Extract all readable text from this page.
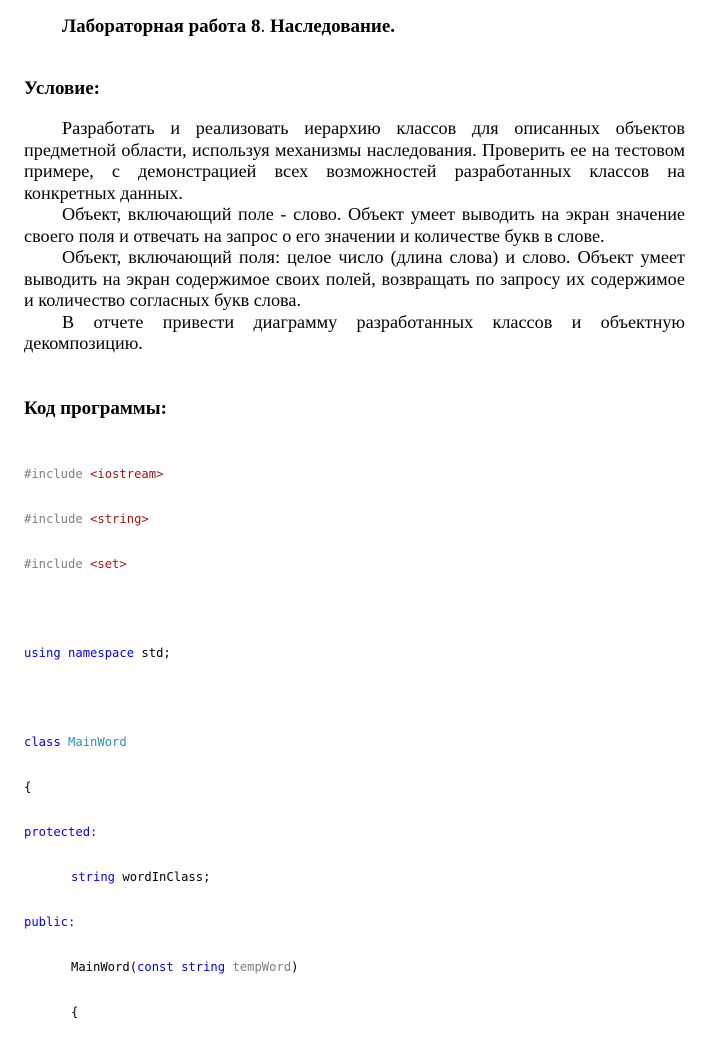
Лабораторная работа 8. Наследование.
Условие:

Разработать и реализовать иерархию классов для описанных объектов предметной области, используя механизмы наследования. Проверить ее на тестовом примере, с демонстрацией всех возможностей разработанных классов на конкретных данных.

Объект, включающий поле - слово. Объект умеет выводить на экран значение своего поля и отвечать на запрос о его значении и количестве букв в слове.

Объект, включающий поля: целое число (длина слова) и слово. Объект умеет выводить на экран содержимое своих полей, возвращать по запросу их содержимое и количество согласных букв слова.

В отчете привести диаграмму разработанных классов и объектную декомпозицию.

Код программы:

#include <iostream>

#include <string>

#include <set>

using namespace std;

class MainWord

{

protected:

string wordInClass;

public:

MainWord(const string tempWord)

{
